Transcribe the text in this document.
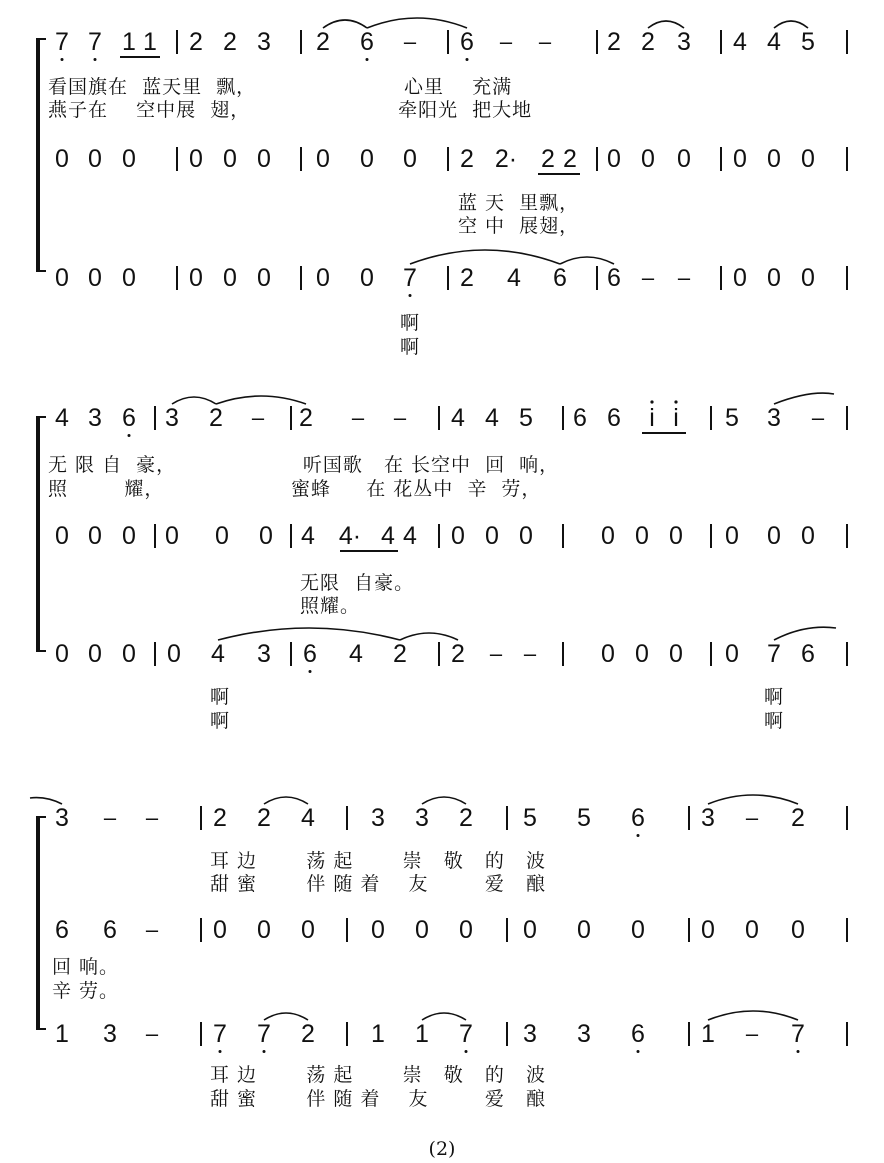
7 7 1 1 2 2 3 2 6 – 6 – – 2 2 3 4 4 5
看国旗在  蓝天里  飘，                     心里    充满
燕子在    空中展  翅，                     牵阳光  把大地
0 0 0 0 0 0 0 0 0 2 2· 2 2 0 0 0 0 0 0
蓝 天  里飘，
空 中  展翅，
0 0 0 0 0 0 0 0 7 2 4 6 6 – – 0 0 0
啊
啊
4 3 6 3 2 – 2 – – 4 4 5 6 6	i i	5 3 –
无 限 自  豪，                  听国歌   在 长空中  回  响，
照        耀，                  蜜蜂     在 花丛中  辛  劳，
0 0 0 0 0 0 4 4· 4 4 0 0 0	0 0 0 0 0 0
无限  自豪。
照耀。
0 0 0 0 4 3 6 4 2 2 – –	0 0 0 0 7 6
啊
啊
啊
啊
3 – – 2 2 4 3 3 2 5 5 6 3 – 2
耳 边       荡 起       崇   敬   的   波
甜 蜜       伴 随 着    友        爱   酿
6 6 – 0 0 0 0 0 0 0 0 0 0 0 0
回 响。
辛 劳。
1 3 – 7 7 2 1 1 7 3 3 6 1 – 7
耳 边       荡 起       崇   敬   的   波
甜 蜜       伴 随 着    友        爱   酿
(2)
